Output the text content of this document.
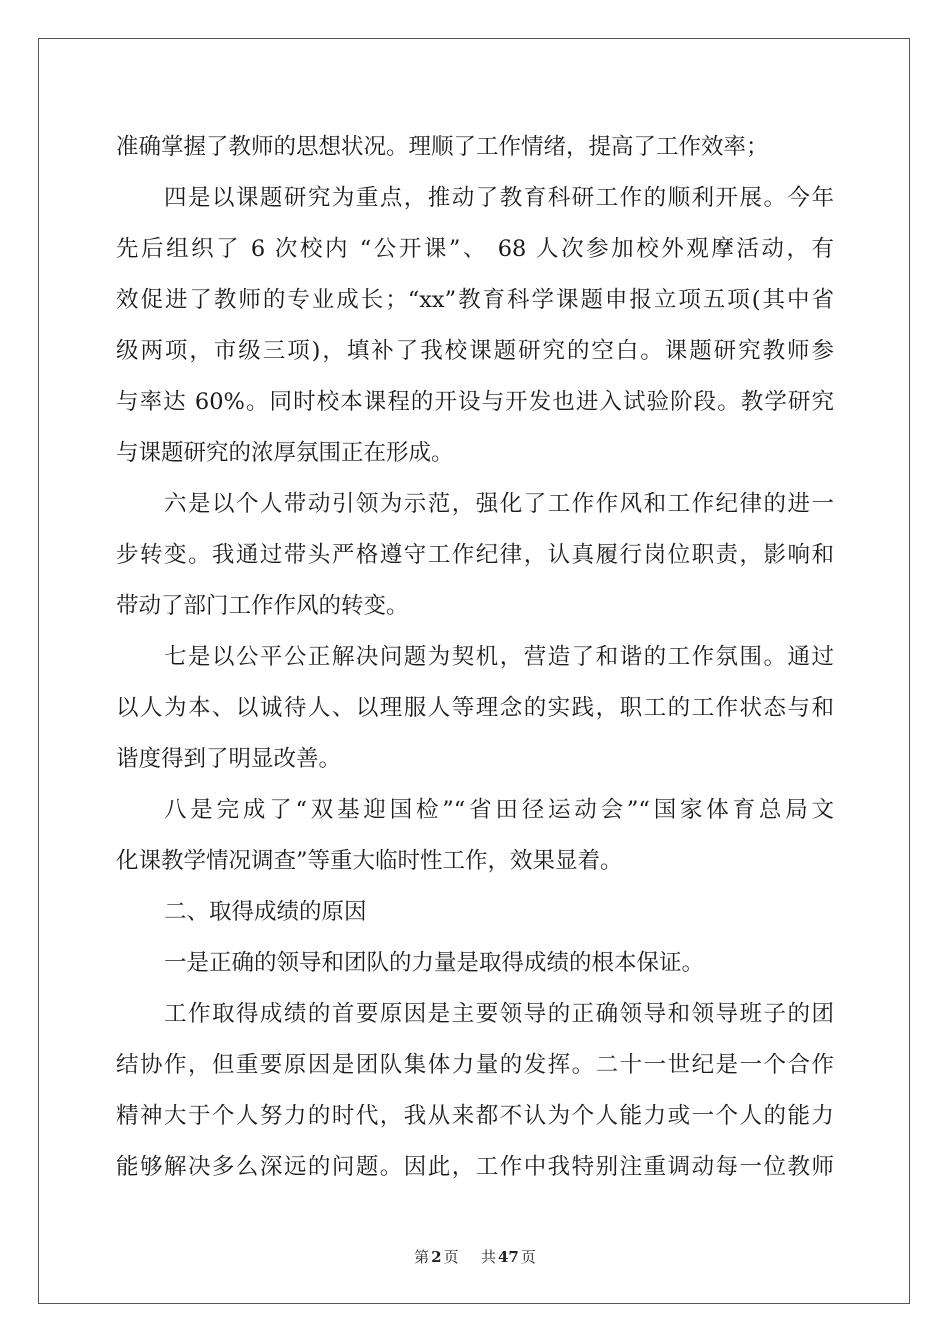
准确掌握了教师的思想状况。理顺了工作情绪，提高了工作效率；
四是以课题研究为重点，推动了教育科研工作的顺利开展。今年
先后组织了 6 次校内 “公开课”、 68 人次参加校外观摩活动，有
效促进了教师的专业成长；“xx”教育科学课题申报立项五项(其中省
级两项，市级三项)，填补了我校课题研究的空白。课题研究教师参
与率达 60%。同时校本课程的开设与开发也进入试验阶段。教学研究
与课题研究的浓厚氛围正在形成。
六是以个人带动引领为示范，强化了工作作风和工作纪律的进一
步转变。我通过带头严格遵守工作纪律，认真履行岗位职责，影响和
带动了部门工作作风的转变。
七是以公平公正解决问题为契机，营造了和谐的工作氛围。通过
以人为本、以诚待人、以理服人等理念的实践，职工的工作状态与和
谐度得到了明显改善。
八是完成了“双基迎国检”“省田径运动会”“国家体育总局文
化课教学情况调查”等重大临时性工作，效果显着。
二、取得成绩的原因
一是正确的领导和团队的力量是取得成绩的根本保证。
工作取得成绩的首要原因是主要领导的正确领导和领导班子的团
结协作，但重要原因是团队集体力量的发挥。二十一世纪是一个合作
精神大于个人努力的时代，我从来都不认为个人能力或一个人的能力
能够解决多么深远的问题。因此，工作中我特别注重调动每一位教师
第 2 页 共 47 页
